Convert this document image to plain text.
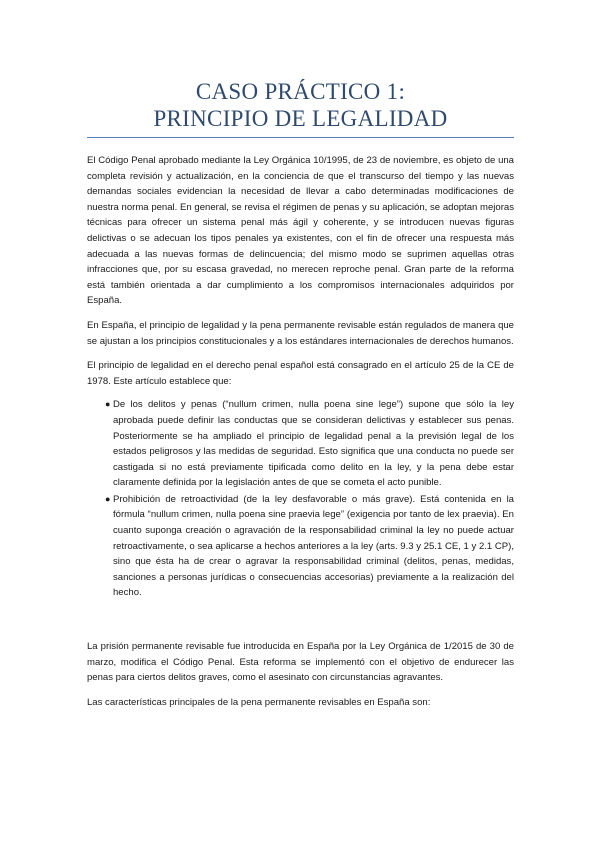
CASO PRÁCTICO 1:
PRINCIPIO DE LEGALIDAD

El Código Penal aprobado mediante la Ley Orgánica 10/1995, de 23 de noviembre, es objeto de una completa revisión y actualización, en la conciencia de que el transcurso del tiempo y las nuevas demandas sociales evidencian la necesidad de llevar a cabo determinadas modificaciones de nuestra norma penal. En general, se revisa el régimen de penas y su aplicación, se adoptan mejoras técnicas para ofrecer un sistema penal más ágil y coherente, y se introducen nuevas figuras delictivas o se adecuan los tipos penales ya existentes, con el fin de ofrecer una respuesta más adecuada a las nuevas formas de delincuencia; del mismo modo se suprimen aquellas otras infracciones que, por su escasa gravedad, no merecen reproche penal. Gran parte de la reforma está también orientada a dar cumplimiento a los compromisos internacionales adquiridos por España.

En España, el principio de legalidad y la pena permanente revisable están regulados de manera que se ajustan a los principios constitucionales y a los estándares internacionales de derechos humanos.

El principio de legalidad en el derecho penal español está consagrado en el artículo 25 de la CE de 1978. Este artículo establece que:

● De los delitos y penas (“nullum crimen, nulla poena sine lege”) supone que sólo la ley aprobada puede definir las conductas que se consideran delictivas y establecer sus penas. Posteriormente se ha ampliado el principio de legalidad penal a la previsión legal de los estados peligrosos y las medidas de seguridad. Esto significa que una conducta no puede ser castigada si no está previamente tipificada como delito en la ley, y la pena debe estar claramente definida por la legislación antes de que se cometa el acto punible.
● Prohibición de retroactividad (de la ley desfavorable o más grave). Está contenida en la fórmula “nullum crimen, nulla poena sine praevia lege” (exigencia por tanto de lex praevia). En cuanto suponga creación o agravación de la responsabilidad criminal la ley no puede actuar retroactivamente, o sea aplicarse a hechos anteriores a la ley (arts. 9.3 y 25.1 CE, 1 y 2.1 CP), sino que ésta ha de crear o agravar la responsabilidad criminal (delitos, penas, medidas, sanciones a personas jurídicas o consecuencias accesorias) previamente a la realización del hecho.

La prisión permanente revisable fue introducida en España por la Ley Orgánica de 1/2015 de 30 de marzo, modifica el Código Penal. Esta reforma se implementó con el objetivo de endurecer las penas para ciertos delitos graves, como el asesinato con circunstancias agravantes.

Las características principales de la pena permanente revisables en España son:
